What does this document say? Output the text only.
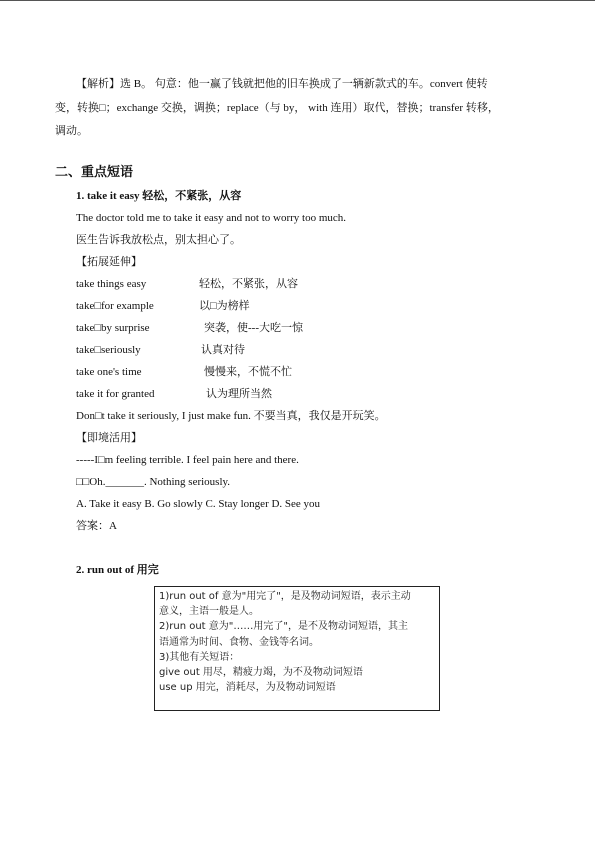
【解析】选 B。 句意：他一赢了钱就把他的旧车换成了一辆新款式的车。convert 使转
变，转换□；exchange 交换，调换；replace（与 by， with 连用）取代，替换；transfer 转移，
调动。
二、重点短语
1. take it easy 轻松，不紧张，从容
The doctor told me to take it easy and not to worry too much.
医生告诉我放松点，别太担心了。
【拓展延伸】
take things easy	轻松，不紧张，从容
take□for example	以□为榜样
take□by surprise	突袭，使---大吃一惊
take□seriously	认真对待
take one's time	慢慢来，不慌不忙
take it for granted	认为理所当然
Don□t take it seriously, I just make fun. 不要当真，我仅是开玩笑。
【即境活用】
-----I□m feeling terrible. I feel pain here and there.
□□Oh._______. Nothing seriously.
A. Take it easy B. Go slowly C. Stay longer D. See you
答案：A
2. run out of 用完
1)run out of 意为"用完了"，是及物动词短语，表示主动
意义，主语一般是人。
2)run out 意为"……用完了"，是不及物动词短语，其主
语通常为时间、食物、金钱等名词。
3)其他有关短语：
give out 用尽，精疲力竭，为不及物动词短语
use up 用完，消耗尽，为及物动词短语
